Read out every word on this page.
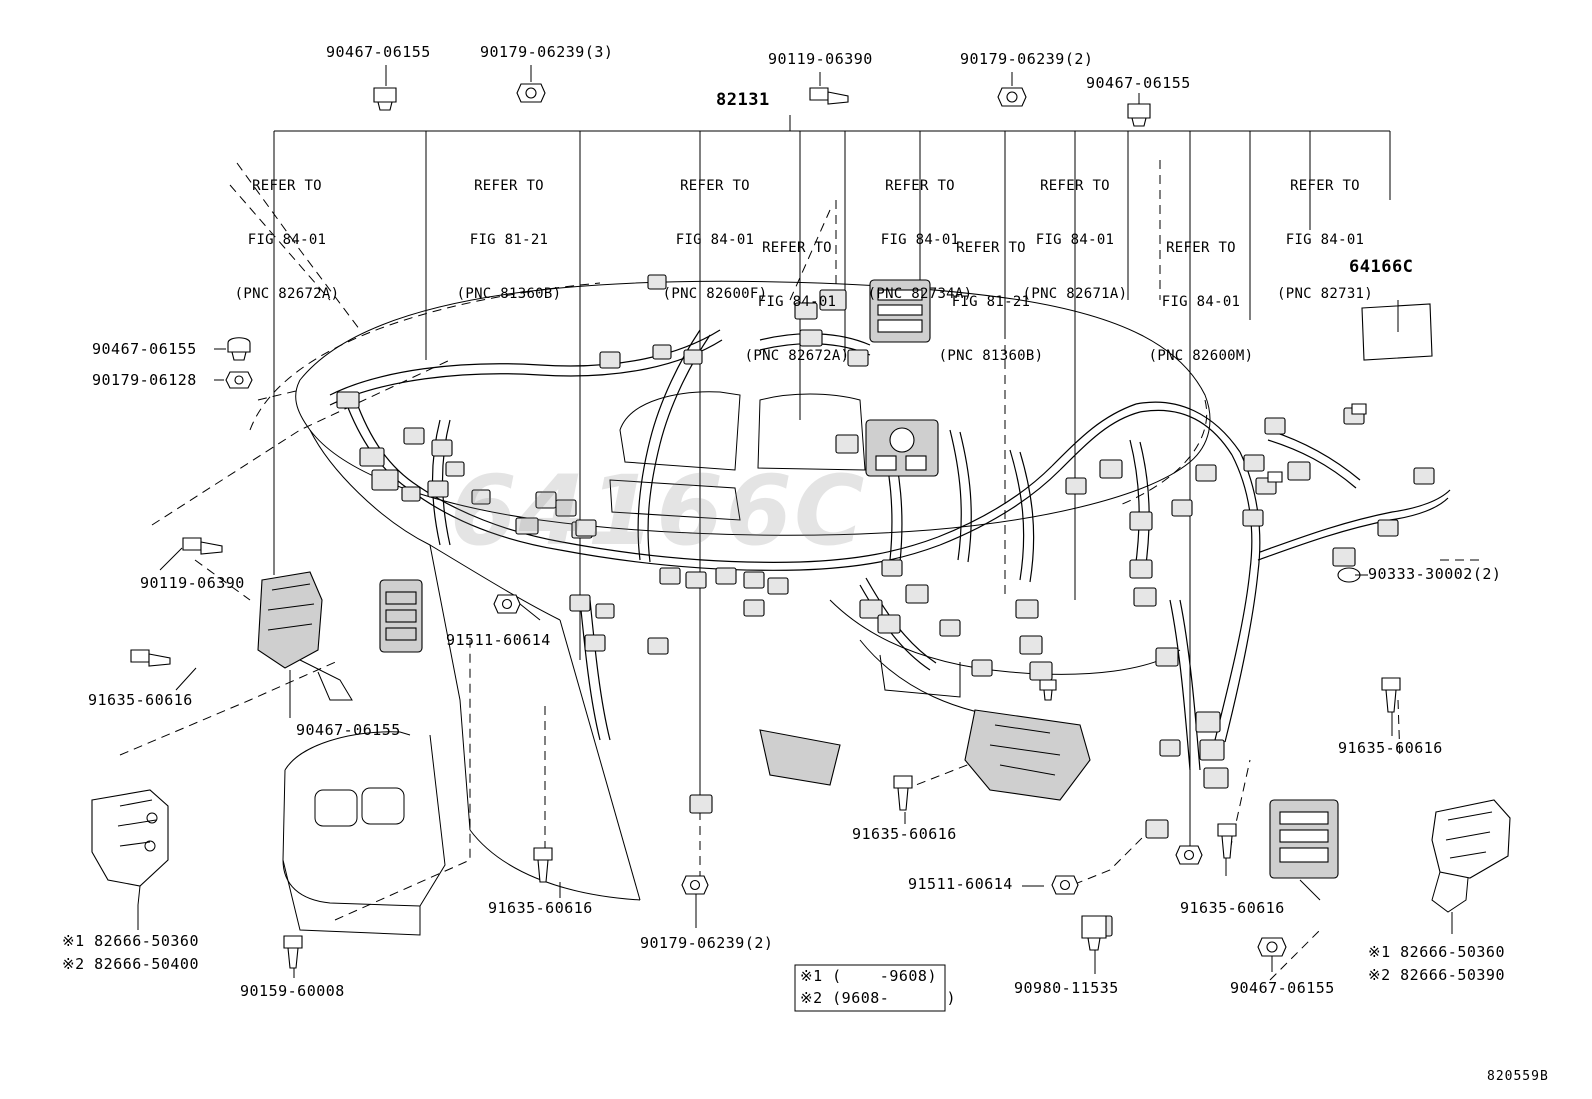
64166C

REFER TO

FIG 84-01

(PNC 82672A)

REFER TO

FIG 81-21

(PNC 81360B)

REFER TO

FIG 84-01

(PNC 82600F)

REFER TO

FIG 84-01

(PNC 82734A)

REFER TO

FIG 84-01

(PNC 82671A)

REFER TO

FIG 84-01

(PNC 82731)

REFER TO

FIG 84-01

(PNC 82672A)

REFER TO

FIG 81-21

(PNC 81360B)

REFER TO

FIG 84-01

(PNC 82600M)

90467-06155	90179-06239(3)	90119-06390	90179-06239(2)
90467-06155
82131
64166C
90467-06155
90179-06128
90119-06390
91635-60616
90467-06155
90159-60008
91511-60614
91635-60616
90179-06239(2)
91635-60616
91511-60614
90980-11535
90333-30002(2)
91635-60616
91635-60616
90467-06155
※1 82666-50360
※2 82666-50400
※1 82666-50360
※2 82666-50390
※1 (    -9608)
※2 (9608-      )
820559B
